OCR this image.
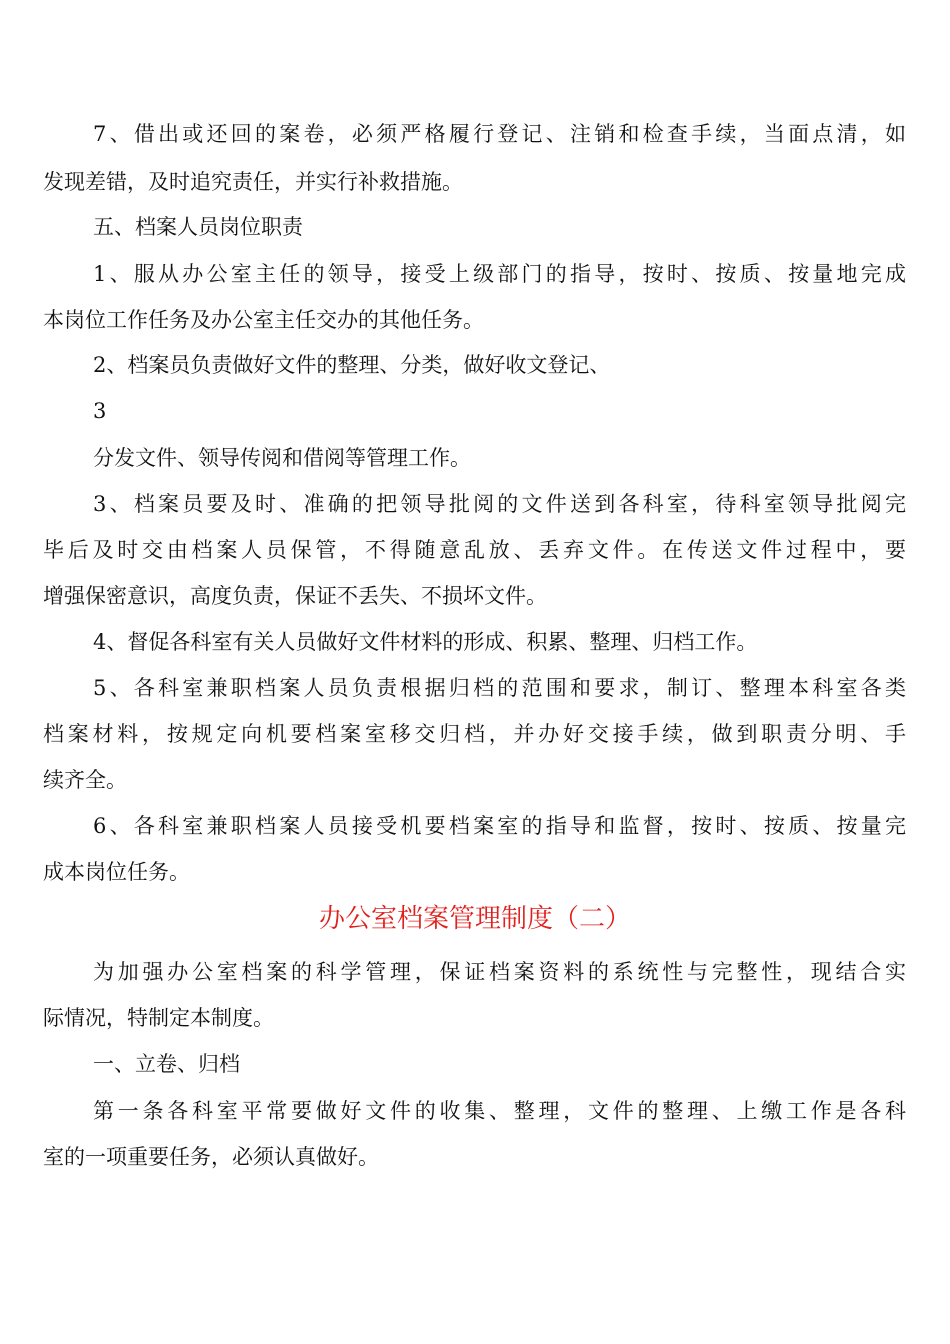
7、借出或还回的案卷，必须严格履行登记、注销和检查手续，当面点清，如
发现差错，及时追究责任，并实行补救措施。
五、档案人员岗位职责
1、服从办公室主任的领导，接受上级部门的指导，按时、按质、按量地完成
本岗位工作任务及办公室主任交办的其他任务。
2、档案员负责做好文件的整理、分类，做好收文登记、
3
分发文件、领导传阅和借阅等管理工作。
3、档案员要及时、准确的把领导批阅的文件送到各科室，待科室领导批阅完
毕后及时交由档案人员保管，不得随意乱放、丢弃文件。在传送文件过程中，要
增强保密意识，高度负责，保证不丢失、不损坏文件。
4、督促各科室有关人员做好文件材料的形成、积累、整理、归档工作。
5、各科室兼职档案人员负责根据归档的范围和要求，制订、整理本科室各类
档案材料，按规定向机要档案室移交归档，并办好交接手续，做到职责分明、手
续齐全。
6、各科室兼职档案人员接受机要档案室的指导和监督，按时、按质、按量完
成本岗位任务。
办公室档案管理制度（二）
为加强办公室档案的科学管理，保证档案资料的系统性与完整性，现结合实
际情况，特制定本制度。
一、立卷、归档
第一条各科室平常要做好文件的收集、整理，文件的整理、上缴工作是各科
室的一项重要任务，必须认真做好。
